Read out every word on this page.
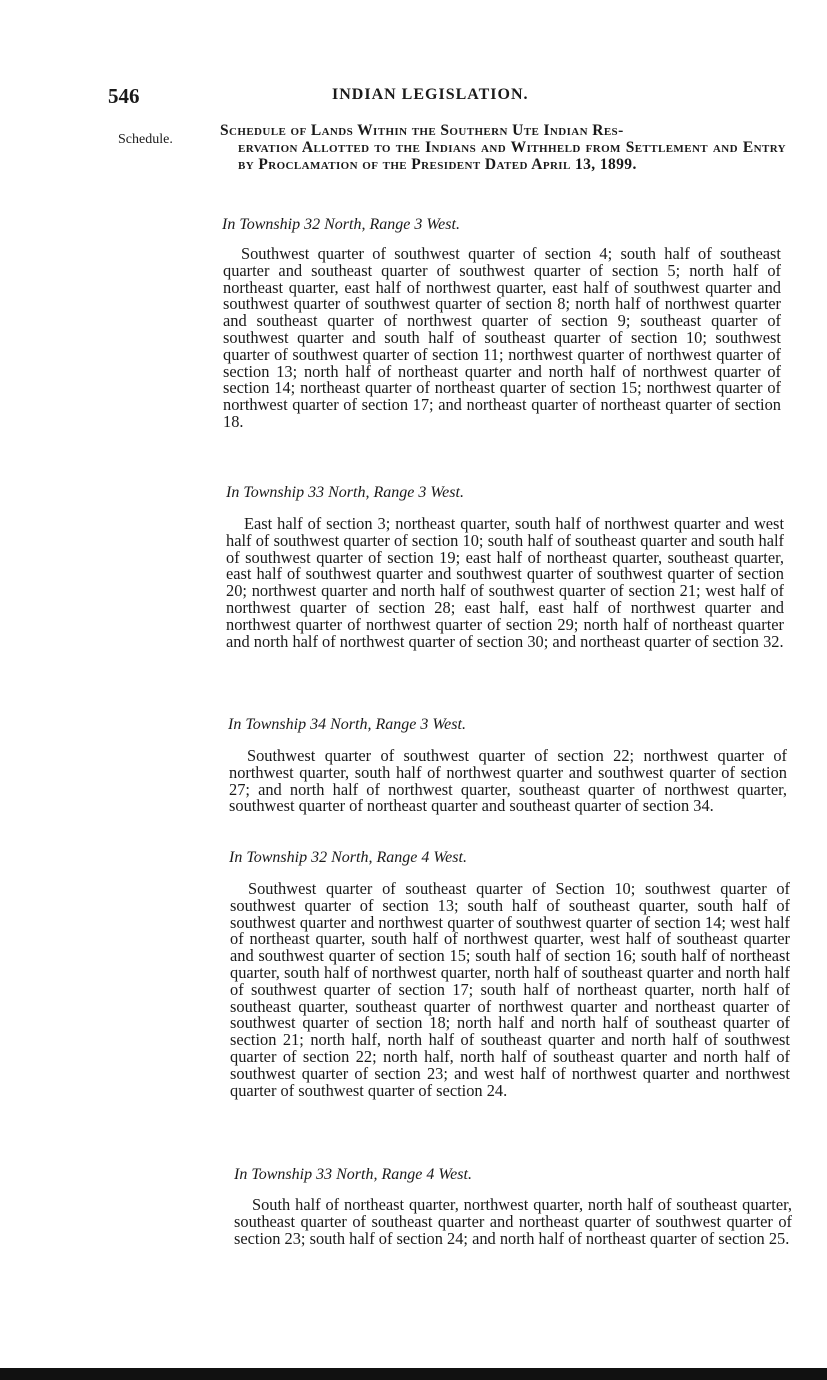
546	INDIAN LEGISLATION.
Schedule.
Schedule of Lands Within the Southern Ute Indian Res-
ervation Allotted to the Indians and Withheld from Settlement and Entry by Proclamation of the President Dated April 13, 1899.
In Township 32 North, Range 3 West.
Southwest quarter of southwest quarter of section 4; south half of southeast quarter and southeast quarter of southwest quarter of section 5; north half of northeast quarter, east half of northwest quarter, east half of southwest quarter and southwest quarter of southwest quarter of section 8; north half of northwest quarter and southeast quarter of northwest quarter of section 9; southeast quarter of southwest quarter and south half of southeast quarter of section 10; southwest quarter of southwest quarter of section 11; northwest quarter of northwest quarter of section 13; north half of northeast quarter and north half of northwest quarter of section 14; northeast quarter of northeast quarter of section 15; northwest quarter of northwest quarter of section 17; and northeast quarter of northeast quarter of section 18.
In Township 33 North, Range 3 West.
East half of section 3; northeast quarter, south half of northwest quarter and west half of southwest quarter of section 10; south half of southeast quarter and south half of southwest quarter of section 19; east half of northeast quarter, southeast quarter, east half of southwest quarter and southwest quarter of southwest quarter of section 20; northwest quarter and north half of southwest quarter of section 21; west half of northwest quarter of section 28; east half, east half of northwest quarter and northwest quarter of northwest quarter of section 29; north half of northeast quarter and north half of northwest quarter of section 30; and northeast quarter of section 32.
In Township 34 North, Range 3 West.
Southwest quarter of southwest quarter of section 22; northwest quarter of northwest quarter, south half of northwest quarter and southwest quarter of section 27; and north half of northwest quarter, southeast quarter of northwest quarter, southwest quarter of northeast quarter and southeast quarter of section 34.
In Township 32 North, Range 4 West.
Southwest quarter of southeast quarter of Section 10; southwest quarter of southwest quarter of section 13; south half of southeast quarter, south half of southwest quarter and northwest quarter of southwest quarter of section 14; west half of northeast quarter, south half of northwest quarter, west half of southeast quarter and southwest quarter of section 15; south half of section 16; south half of northeast quarter, south half of northwest quarter, north half of southeast quarter and north half of southwest quarter of section 17; south half of northeast quarter, north half of southeast quarter, southeast quarter of northwest quarter and northeast quarter of southwest quarter of section 18; north half and north half of southeast quarter of section 21; north half, north half of southeast quarter and north half of southwest quarter of section 22; north half, north half of southeast quarter and north half of southwest quarter of section 23; and west half of northwest quarter and northwest quarter of southwest quarter of section 24.
In Township 33 North, Range 4 West.
South half of northeast quarter, northwest quarter, north half of southeast quarter, southeast quarter of southeast quarter and northeast quarter of southwest quarter of section 23; south half of section 24; and north half of northeast quarter of section 25.
